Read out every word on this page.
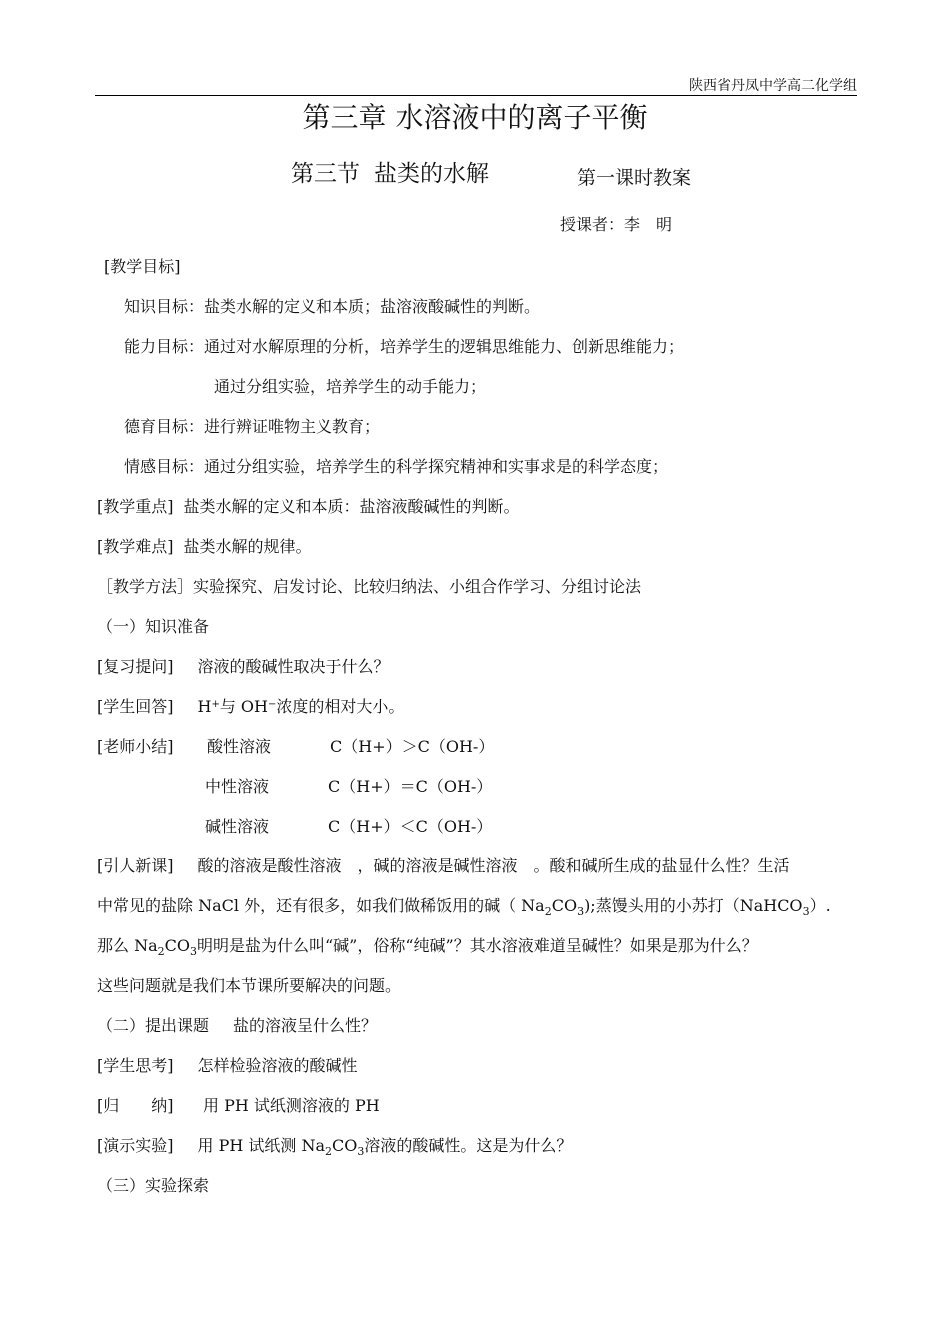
陕西省丹凤中学高二化学组
第三章 水溶液中的离子平衡
第三节 盐类的水解	第一课时教案
授课者：李　明
[教学目标]
知识目标：盐类水解的定义和本质；盐溶液酸碱性的判断。
能力目标：通过对水解原理的分析，培养学生的逻辑思维能力、创新思维能力；
通过分组实验，培养学生的动手能力；
德育目标：进行辨证唯物主义教育；
情感目标：通过分组实验，培养学生的科学探究精神和实事求是的科学态度；
[教学重点] 盐类水解的定义和本质：盐溶液酸碱性的判断。
[教学难点] 盐类水解的规律。
［教学方法］实验探究、启发讨论、比较归纳法、小组合作学习、分组讨论法
（一）知识准备
[复习提问] 溶液的酸碱性取决于什么？
[学生回答] H+与 OH−浓度的相对大小。
[老师小结] 酸性溶液	C（H+）＞C（OH-）
中性溶液	C（H+）＝C（OH-）
碱性溶液	C（H+）＜C（OH-）
[引人新课] 酸的溶液是酸性溶液　，碱的溶液是碱性溶液　。酸和碱所生成的盐显什么性？生活
中常见的盐除 NaCl 外，还有很多，如我们做稀饭用的碱（ $Na_2CO_3$);蒸馒头用的小苏打（NaHCO$_3$）.
那么 $Na_2CO_3$明明是盐为什么叫“碱”，俗称“纯碱”？其水溶液难道呈碱性？如果是那为什么？
这些问题就是我们本节课所要解决的问题。
（二）提出课题 盐的溶液呈什么性？
[学生思考] 怎样检验溶液的酸碱性
[归　　纳] 用 PH 试纸测溶液的 PH
[演示实验] 用 PH 试纸测 $Na_2CO_3$溶液的酸碱性。这是为什么？
（三）实验探索
